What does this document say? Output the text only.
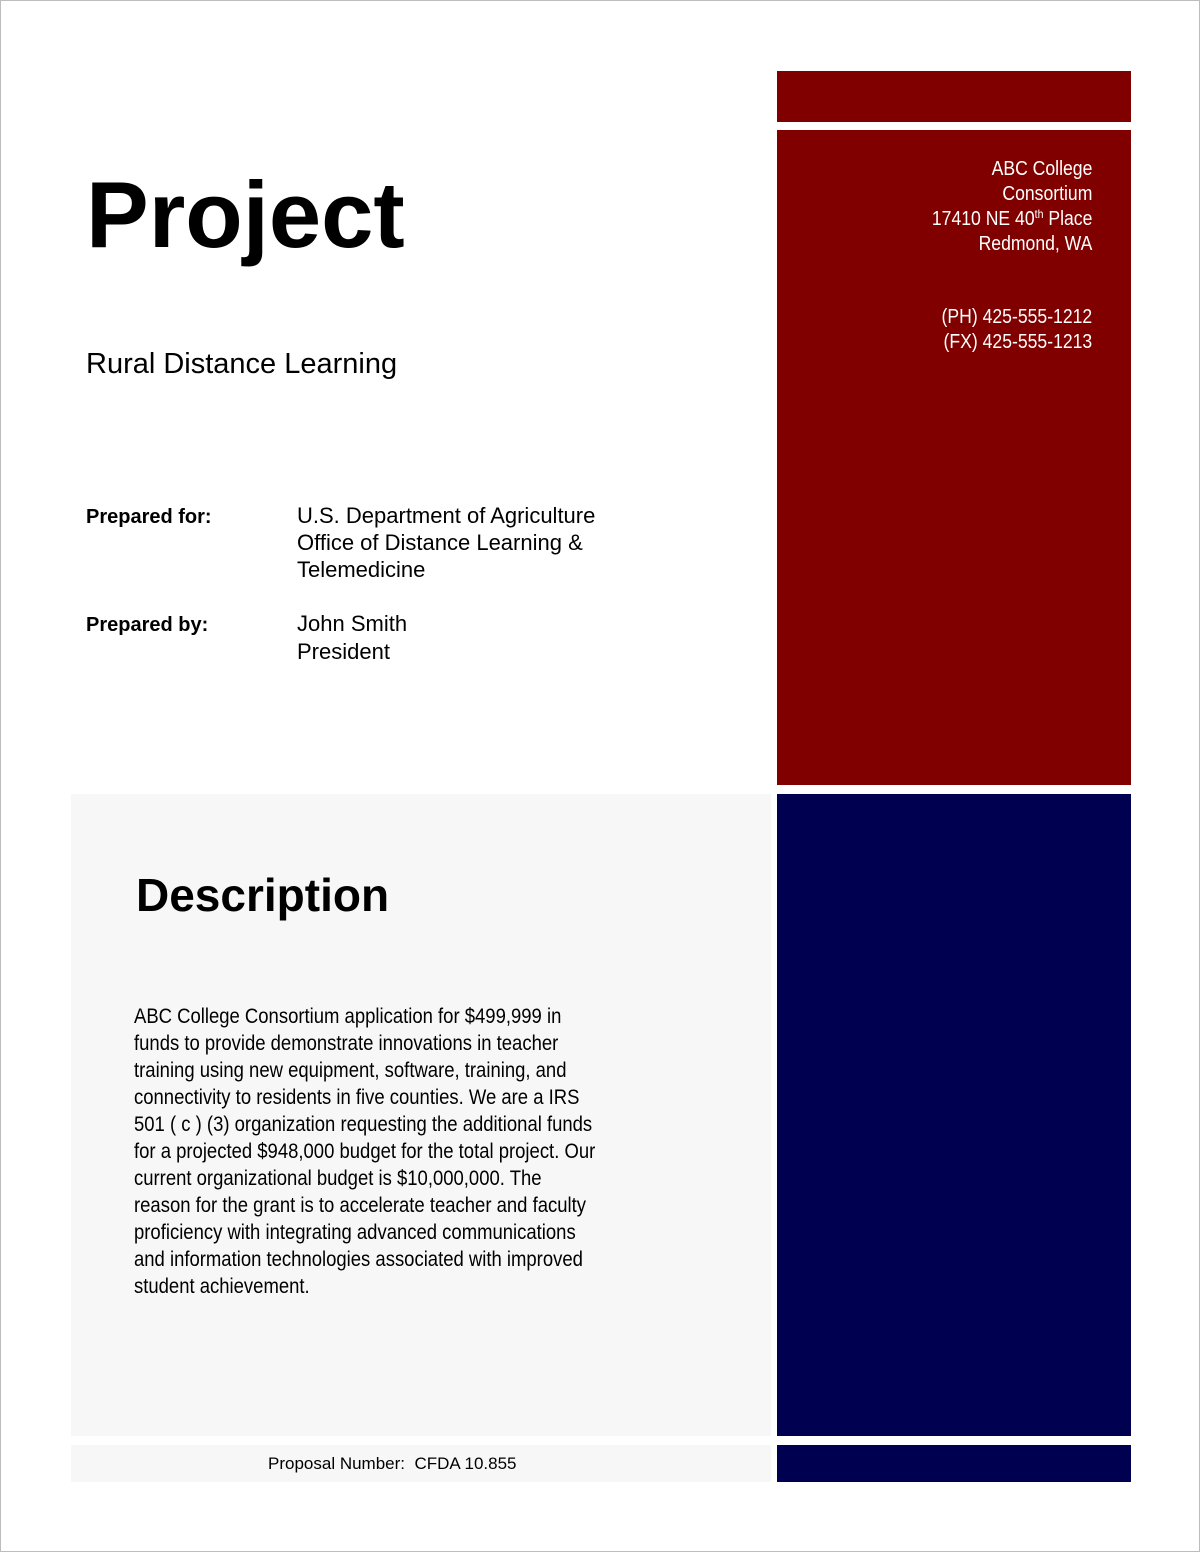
ABC College
Consortium
17410 NE 40th Place
Redmond, WA
(PH) 425-555-1212
(FX) 425-555-1213
Project
Rural Distance Learning
Prepared for:	U.S. Department of Agriculture
Office of Distance Learning &
Telemedicine
Prepared by:	John Smith
President
Description
ABC College Consortium application for $499,999 in
funds to provide demonstrate innovations in teacher
training using new equipment, software, training, and
connectivity to residents in five counties. We are a IRS
501 ( c ) (3) organization requesting the additional funds
for a projected $948,000 budget for the total project. Our
current organizational budget is $10,000,000. The
reason for the grant is to accelerate teacher and faculty
proficiency with integrating advanced communications
and information technologies associated with improved
student achievement.
Proposal Number:  CFDA 10.855
